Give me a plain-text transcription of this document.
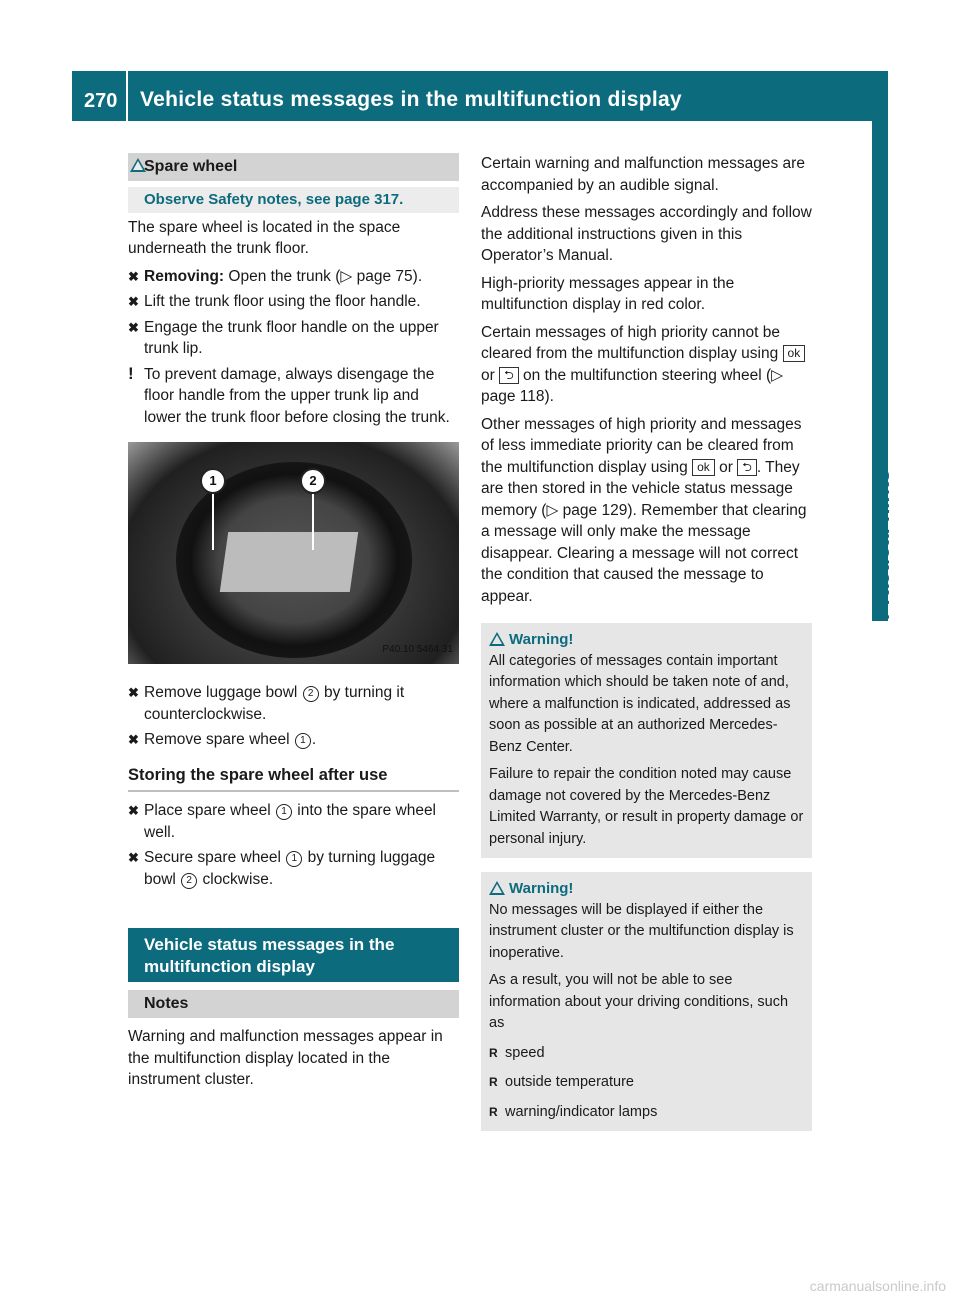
270 Vehicle status messages in the multifunction display
Practical hints
Spare wheel
Observe Safety notes, see page 317.

The spare wheel is located in the space underneath the trunk floor.

✖ Removing: Open the trunk (▷ page 75).
✖ Lift the trunk floor using the floor handle.
✖ Engage the trunk floor handle on the upper trunk lip.
! To prevent damage, always disengage the floor handle from the upper trunk lip and lower the trunk floor before closing the trunk.
1	2
P40.10 5464 31
✖ Remove luggage bowl 2 by turning it counterclockwise.
✖ Remove spare wheel 1 .
Storing the spare wheel after use
✖ Place spare wheel 1 into the spare wheel well.
✖ Secure spare wheel 1 by turning luggage bowl 2 clockwise.
Vehicle status messages in the multifunction display
Notes

Warning and malfunction messages appear in the multifunction display located in the instrument cluster.

Certain warning and malfunction messages are accompanied by an audible signal.

Address these messages accordingly and follow the additional instructions given in this Operator’s Manual.

High-priority messages appear in the multifunction display in red color.

Certain messages of high priority cannot be cleared from the multifunction display using ok or ⮌ on the multifunction steering wheel (▷ page 118).

Other messages of high priority and messages of less immediate priority can be cleared from the multifunction display using ok or ⮌ . They are then stored in the vehicle status message memory (▷ page 129). Remember that clearing a message will only make the message disappear. Clearing a message will not correct the condition that caused the message to appear.

Warning!

All categories of messages contain important information which should be taken note of and, where a malfunction is indicated, addressed as soon as possible at an authorized Mercedes-Benz Center.

Failure to repair the condition noted may cause damage not covered by the Mercedes-Benz Limited Warranty, or result in property damage or personal injury.

Warning!

No messages will be displayed if either the instrument cluster or the multifunction display is inoperative.

As a result, you will not be able to see information about your driving conditions, such as

R speed
R outside temperature
R warning/indicator lamps
carmanualsonline.info
